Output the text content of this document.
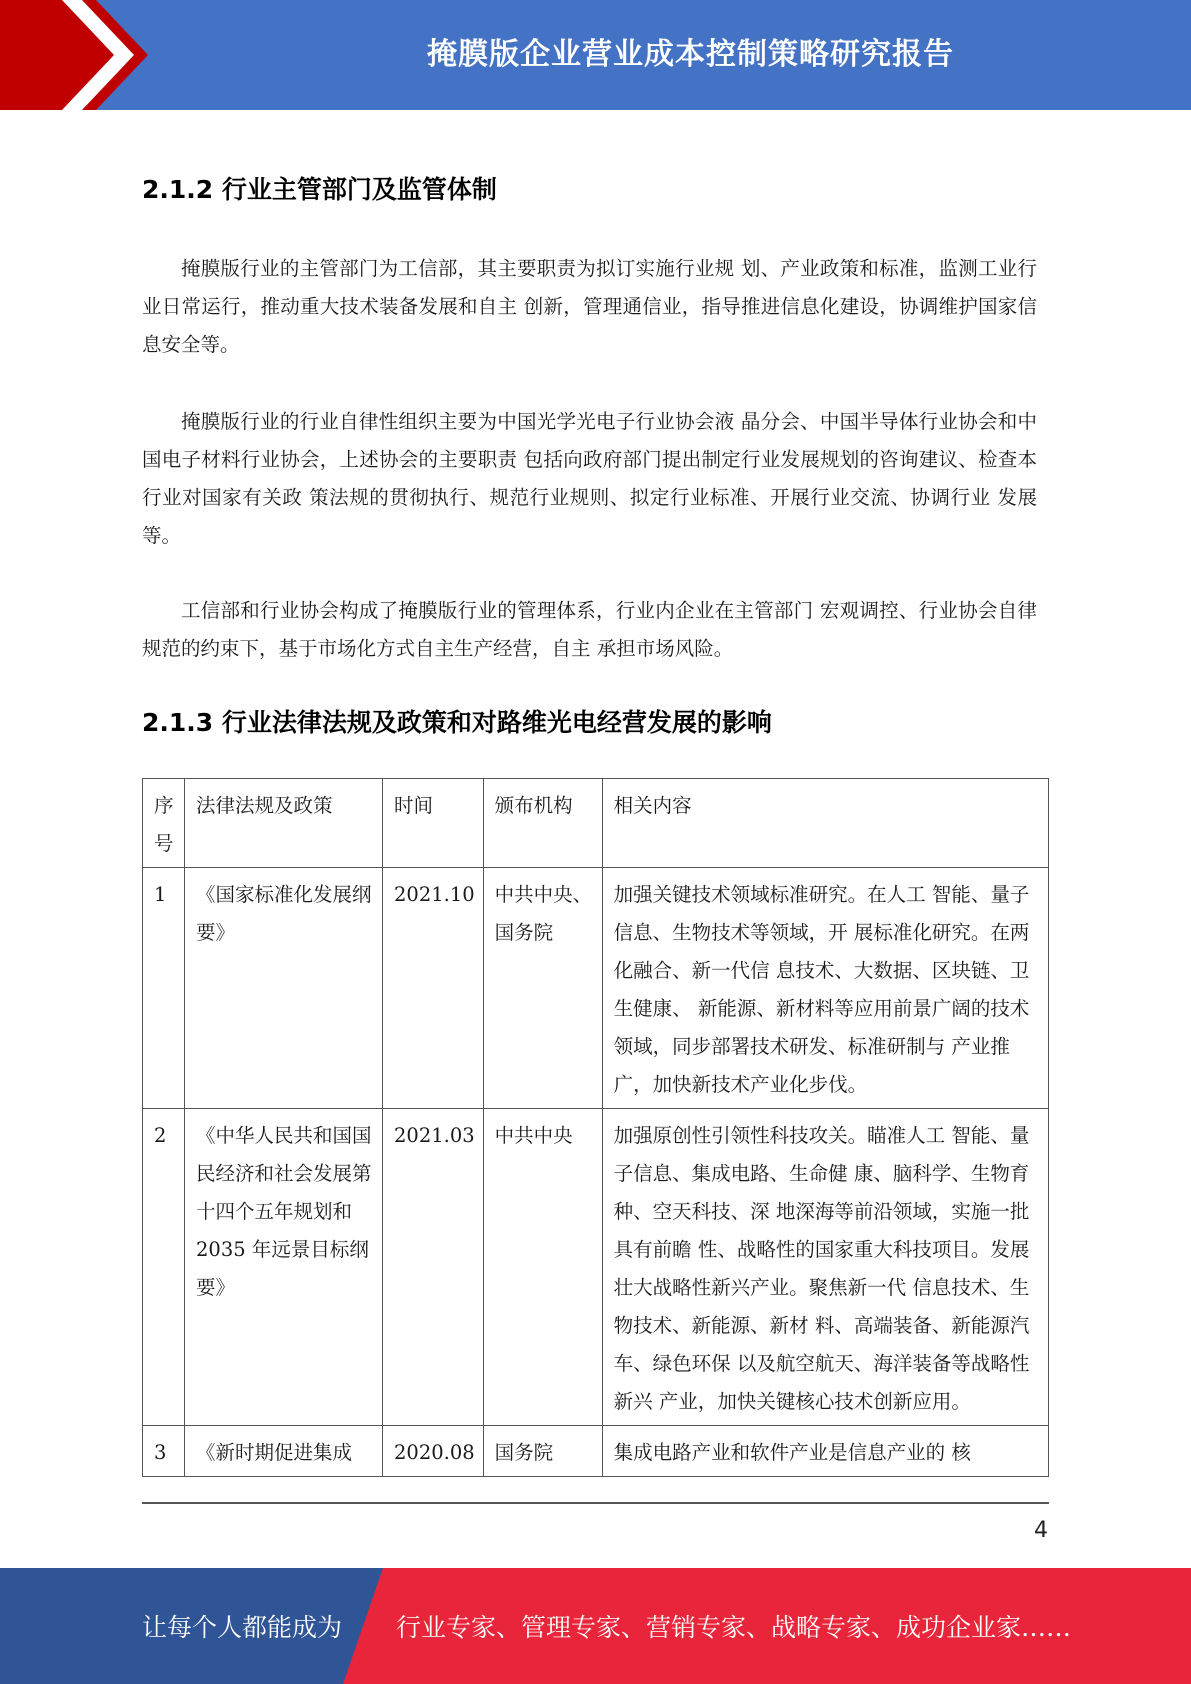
掩膜版企业营业成本控制策略研究报告
2.1.2 行业主管部门及监管体制

掩膜版行业的主管部门为工信部，其主要职责为拟订实施行业规 划、产业政策和标准，监测工业行业日常运行，推动重大技术装备发展和自主 创新，管理通信业，指导推进信息化建设，协调维护国家信息安全等。

掩膜版行业的行业自律性组织主要为中国光学光电子行业协会液 晶分会、中国半导体行业协会和中国电子材料行业协会，上述协会的主要职责 包括向政府部门提出制定行业发展规划的咨询建议、检查本行业对国家有关政 策法规的贯彻执行、规范行业规则、拟定行业标准、开展行业交流、协调行业 发展等。

工信部和行业协会构成了掩膜版行业的管理体系，行业内企业在主管部门 宏观调控、行业协会自律规范的约束下，基于市场化方式自主生产经营，自主 承担市场风险。

2.1.3 行业法律法规及政策和对路维光电经营发展的影响
序号	法律法规及政策	时间	颁布机构	相关内容
1	《国家标准化发展纲要》	2021.10	中共中央、国务院	加强关键技术领域标准研究。在人工 智能、量子信息、生物技术等领域，开 展标准化研究。在两化融合、新一代信 息技术、大数据、区块链、卫生健康、 新能源、新材料等应用前景广阔的技术 领域，同步部署技术研发、标准研制与 产业推广，加快新技术产业化步伐。
2	《中华人民共和国国民经济和社会发展第十四个五年规划和 2035 年远景目标纲要》	2021.03	中共中央	加强原创性引领性科技攻关。瞄准人工 智能、量子信息、集成电路、生命健 康、脑科学、生物育种、空天科技、深 地深海等前沿领域，实施一批具有前瞻 性、战略性的国家重大科技项目。发展壮大战略性新兴产业。聚焦新一代 信息技术、生物技术、新能源、新材 料、高端装备、新能源汽车、绿色环保 以及航空航天、海洋装备等战略性新兴 产业，加快关键核心技术创新应用。
3	《新时期促进集成	2020.08	国务院	集成电路产业和软件产业是信息产业的 核
4
让每个人都能成为 行业专家、管理专家、营销专家、战略专家、成功企业家……
